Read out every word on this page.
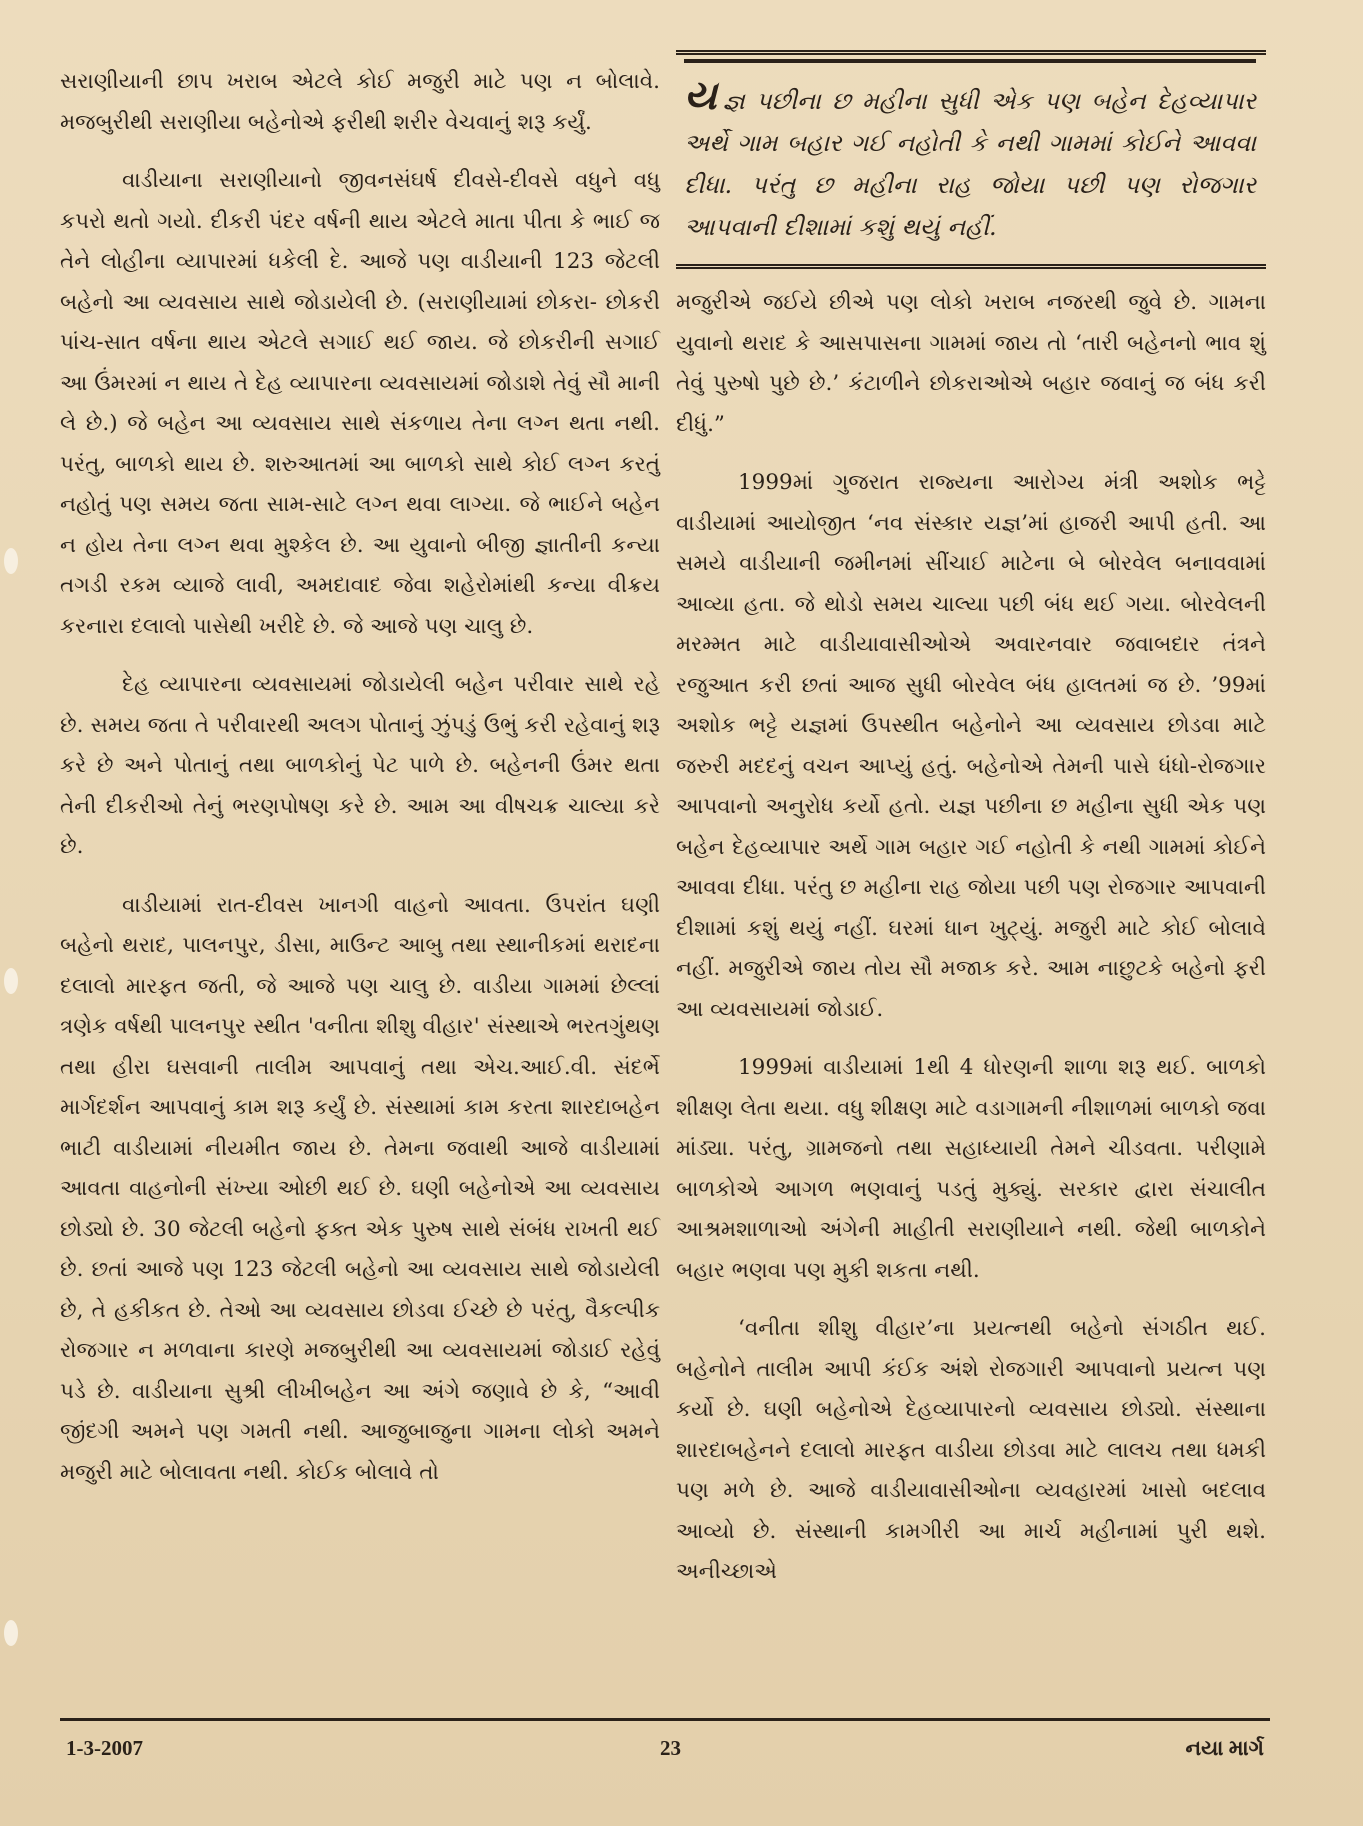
સરાણીયાની છાપ ખરાબ એટલે કોઈ મજુરી માટે પણ ન બોલાવે. મજબુરીથી સરાણીયા બહેનોએ ફરીથી શરીર વેચવાનું શરૂ કર્યું.

વાડીયાના સરાણીયાનો જીવનસંઘર્ષ દીવસે-દીવસે વધુને વધુ કપરો થતો ગયો. દીકરી પંદર વર્ષની થાય એટલે માતા પીતા કે ભાઈ જ તેને લોહીના વ્યાપારમાં ધકેલી દે. આજે પણ વાડીયાની 123 જેટલી બહેનો આ વ્યવસાય સાથે જોડાયેલી છે. (સરાણીયામાં છોકરા- છોકરી પાંચ-સાત વર્ષના થાય એટલે સગાઈ થઈ જાય. જે છોકરીની સગાઈ આ ઉંમરમાં ન થાય તે દેહ વ્યાપારના વ્યવસાયમાં જોડાશે તેવું સૌ માની લે છે.) જે બહેન આ વ્યવસાય સાથે સંકળાય તેના લગ્ન થતા નથી. પરંતુ, બાળકો થાય છે. શરુઆતમાં આ બાળકો સાથે કોઈ લગ્ન કરતું નહોતું પણ સમય જતા સામ-સાટે લગ્ન થવા લાગ્યા. જે ભાઈને બહેન ન હોય તેના લગ્ન થવા મુશ્કેલ છે. આ યુવાનો બીજી જ્ઞાતીની કન્યા તગડી રકમ વ્યાજે લાવી, અમદાવાદ જેવા શહેરોમાંથી કન્યા વીક્રય કરનારા દલાલો પાસેથી ખરીદે છે. જે આજે પણ ચાલુ છે.

દેહ વ્યાપારના વ્યવસાયમાં જોડાયેલી બહેન પરીવાર સાથે રહે છે. સમય જતા તે પરીવારથી અલગ પોતાનું ઝુંપડું ઉભું કરી રહેવાનું શરૂ કરે છે અને પોતાનું તથા બાળકોનું પેટ પાળે છે. બહેનની ઉંમર થતા તેની દીકરીઓ તેનું ભરણપોષણ કરે છે. આમ આ વીષચક્ર ચાલ્યા કરે છે.

વાડીયામાં રાત-દીવસ ખાનગી વાહનો આવતા. ઉપરાંત ઘણી બહેનો થરાદ, પાલનપુર, ડીસા, માઉન્ટ આબુ તથા સ્થાનીકમાં થરાદના દલાલો મારફત જતી, જે આજે પણ ચાલુ છે. વાડીયા ગામમાં છેલ્લાં ત્રણેક વર્ષથી પાલનપુર સ્થીત 'વનીતા શીશુ વીહાર' સંસ્થાએ ભરતગુંથણ તથા હીરા ઘસવાની તાલીમ આપવાનું તથા એચ.આઈ.વી. સંદર્ભે માર્ગદર્શન આપવાનું કામ શરૂ કર્યું છે. સંસ્થામાં કામ કરતા શારદાબહેન ભાટી વાડીયામાં નીયમીત જાય છે. તેમના જવાથી આજે વાડીયામાં આવતા વાહનોની સંખ્યા ઓછી થઈ છે. ઘણી બહેનોએ આ વ્યવસાય છોડ્યો છે. 30 જેટલી બહેનો ફક્ત એક પુરુષ સાથે સંબંધ રાખતી થઈ છે. છતાં આજે પણ 123 જેટલી બહેનો આ વ્યવસાય સાથે જોડાયેલી છે, તે હકીકત છે. તેઓ આ વ્યવસાય છોડવા ઈચ્છે છે પરંતુ, વૈકલ્પીક રોજગાર ન મળવાના કારણે મજબુરીથી આ વ્યવસાયમાં જોડાઈ રહેવું પડે છે. વાડીયાના સુશ્રી લીખીબહેન આ અંગે જણાવે છે કે, “આવી જીંદગી અમને પણ ગમતી નથી. આજુબાજુના ગામના લોકો અમને મજુરી માટે બોલાવતા નથી. કોઈક બોલાવે તો

યજ્ઞ પછીના છ મહીના સુધી એક પણ બહેન દેહવ્યાપાર અર્થે ગામ બહાર ગઈ નહોતી કે નથી ગામમાં કોઈને આવવા દીધા. પરંતુ છ મહીના રાહ જોયા પછી પણ રોજગાર આપવાની દીશામાં કશું થયું નહીં.

મજુરીએ જઈયે છીએ પણ લોકો ખરાબ નજરથી જુવે છે. ગામના યુવાનો થરાદ કે આસપાસના ગામમાં જાય તો ‘તારી બહેનનો ભાવ શું તેવું પુરુષો પુછે છે.’ કંટાળીને છોકરાઓએ બહાર જવાનું જ બંધ કરી દીધું.”

1999માં ગુજરાત રાજ્યના આરોગ્ય મંત્રી અશોક ભટ્ટે વાડીયામાં આયોજીત ‘નવ સંસ્કાર યજ્ઞ’માં હાજરી આપી હતી. આ સમયે વાડીયાની જમીનમાં સીંચાઈ માટેના બે બોરવેલ બનાવવામાં આવ્યા હતા. જે થોડો સમય ચાલ્યા પછી બંધ થઈ ગયા. બોરવેલની મરમ્મત માટે વાડીયાવાસીઓએ અવારનવાર જવાબદાર તંત્રને રજુઆત કરી છતાં આજ સુધી બોરવેલ બંધ હાલતમાં જ છે. ’99માં અશોક ભટ્ટે યજ્ઞમાં ઉપસ્થીત બહેનોને આ વ્યવસાય છોડવા માટે જરુરી મદદનું વચન આપ્યું હતું. બહેનોએ તેમની પાસે ધંધો-રોજગાર આપવાનો અનુરોધ કર્યો હતો. યજ્ઞ પછીના છ મહીના સુધી એક પણ બહેન દેહવ્યાપાર અર્થે ગામ બહાર ગઈ નહોતી કે નથી ગામમાં કોઈને આવવા દીધા. પરંતુ છ મહીના રાહ જોયા પછી પણ રોજગાર આપવાની દીશામાં કશું થયું નહીં. ઘરમાં ધાન ખુટ્યું. મજુરી માટે કોઈ બોલાવે નહીં. મજુરીએ જાય તોય સૌ મજાક કરે. આમ નાછુટકે બહેનો ફરી આ વ્યવસાયમાં જોડાઈ.

1999માં વાડીયામાં 1થી 4 ધોરણની શાળા શરૂ થઈ. બાળકો શીક્ષણ લેતા થયા. વધુ શીક્ષણ માટે વડાગામની નીશાળમાં બાળકો જવા માંડ્યા. પરંતુ, ગ્રામજનો તથા સહાધ્યાયી તેમને ચીડવતા. પરીણામે બાળકોએ આગળ ભણવાનું પડતું મુક્યું. સરકાર દ્વારા સંચાલીત આશ્રમશાળાઓ અંગેની માહીતી સરાણીયાને નથી. જેથી બાળકોને બહાર ભણવા પણ મુકી શકતા નથી.

‘વનીતા શીશુ વીહાર’ના પ્રયત્નથી બહેનો સંગઠીત થઈ. બહેનોને તાલીમ આપી કંઈક અંશે રોજગારી આપવાનો પ્રયત્ન પણ કર્યો છે. ઘણી બહેનોએ દેહવ્યાપારનો વ્યવસાય છોડ્યો. સંસ્થાના શારદાબહેનને દલાલો મારફત વાડીયા છોડવા માટે લાલચ તથા ધમકી પણ મળે છે. આજે વાડીયાવાસીઓના વ્યવહારમાં ખાસો બદલાવ આવ્યો છે. સંસ્થાની કામગીરી આ માર્ચ મહીનામાં પુરી થશે. અનીચ્છાએ

1-3-2007	23	નયા માર્ગ
